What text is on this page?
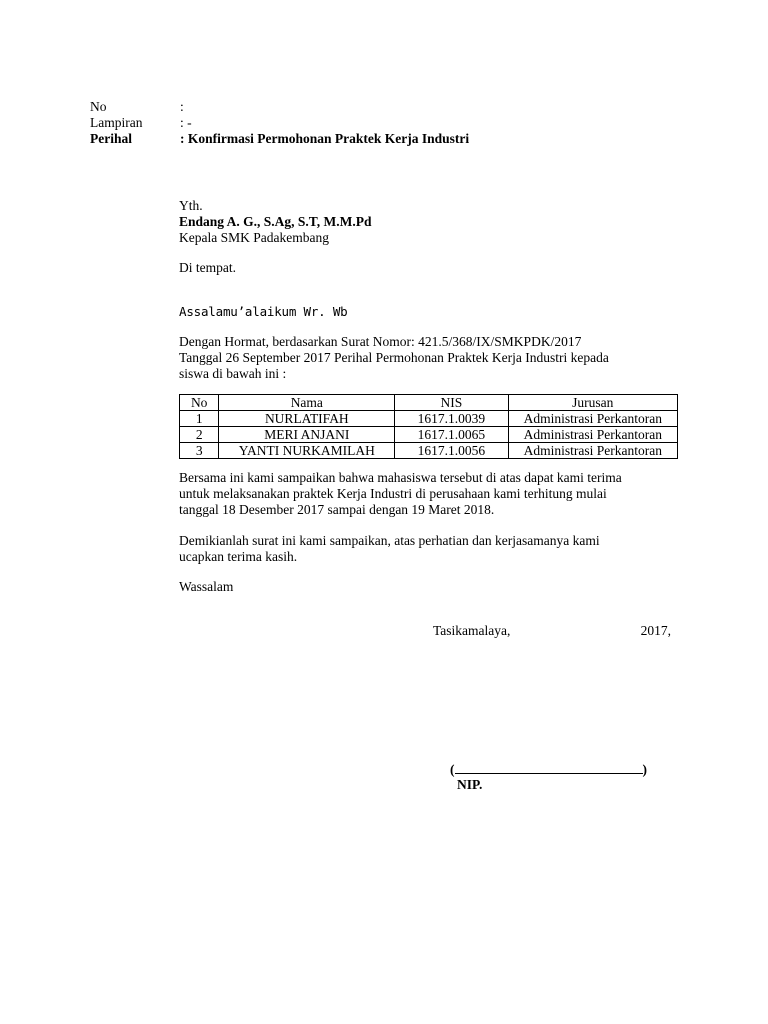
No	:
Lampiran	: -
Perihal	: Konfirmasi Permohonan Praktek Kerja Industri
Yth.
Endang A. G., S.Ag, S.T, M.M.Pd
Kepala SMK Padakembang
Di tempat.
Assalamu’alaikum Wr. Wb
Dengan Hormat, berdasarkan Surat Nomor: 421.5/368/IX/SMKPDK/2017
Tanggal 26 September 2017 Perihal Permohonan Praktek Kerja Industri kepada
siswa di bawah ini :
No	Nama	NIS	Jurusan
1	NURLATIFAH	1617.1.0039	Administrasi Perkantoran
2	MERI ANJANI	1617.1.0065	Administrasi Perkantoran
3	YANTI NURKAMILAH	1617.1.0056	Administrasi Perkantoran
Bersama ini kami sampaikan bahwa mahasiswa tersebut di atas dapat kami terima
untuk melaksanakan praktek Kerja Industri di perusahaan kami terhitung mulai
tanggal 18 Desember 2017 sampai dengan 19 Maret 2018.
Demikianlah surat ini kami sampaikan, atas perhatian dan kerjasamanya kami
ucapkan terima kasih.
Wassalam
Tasikamalaya,	2017,
(	)
NIP.
